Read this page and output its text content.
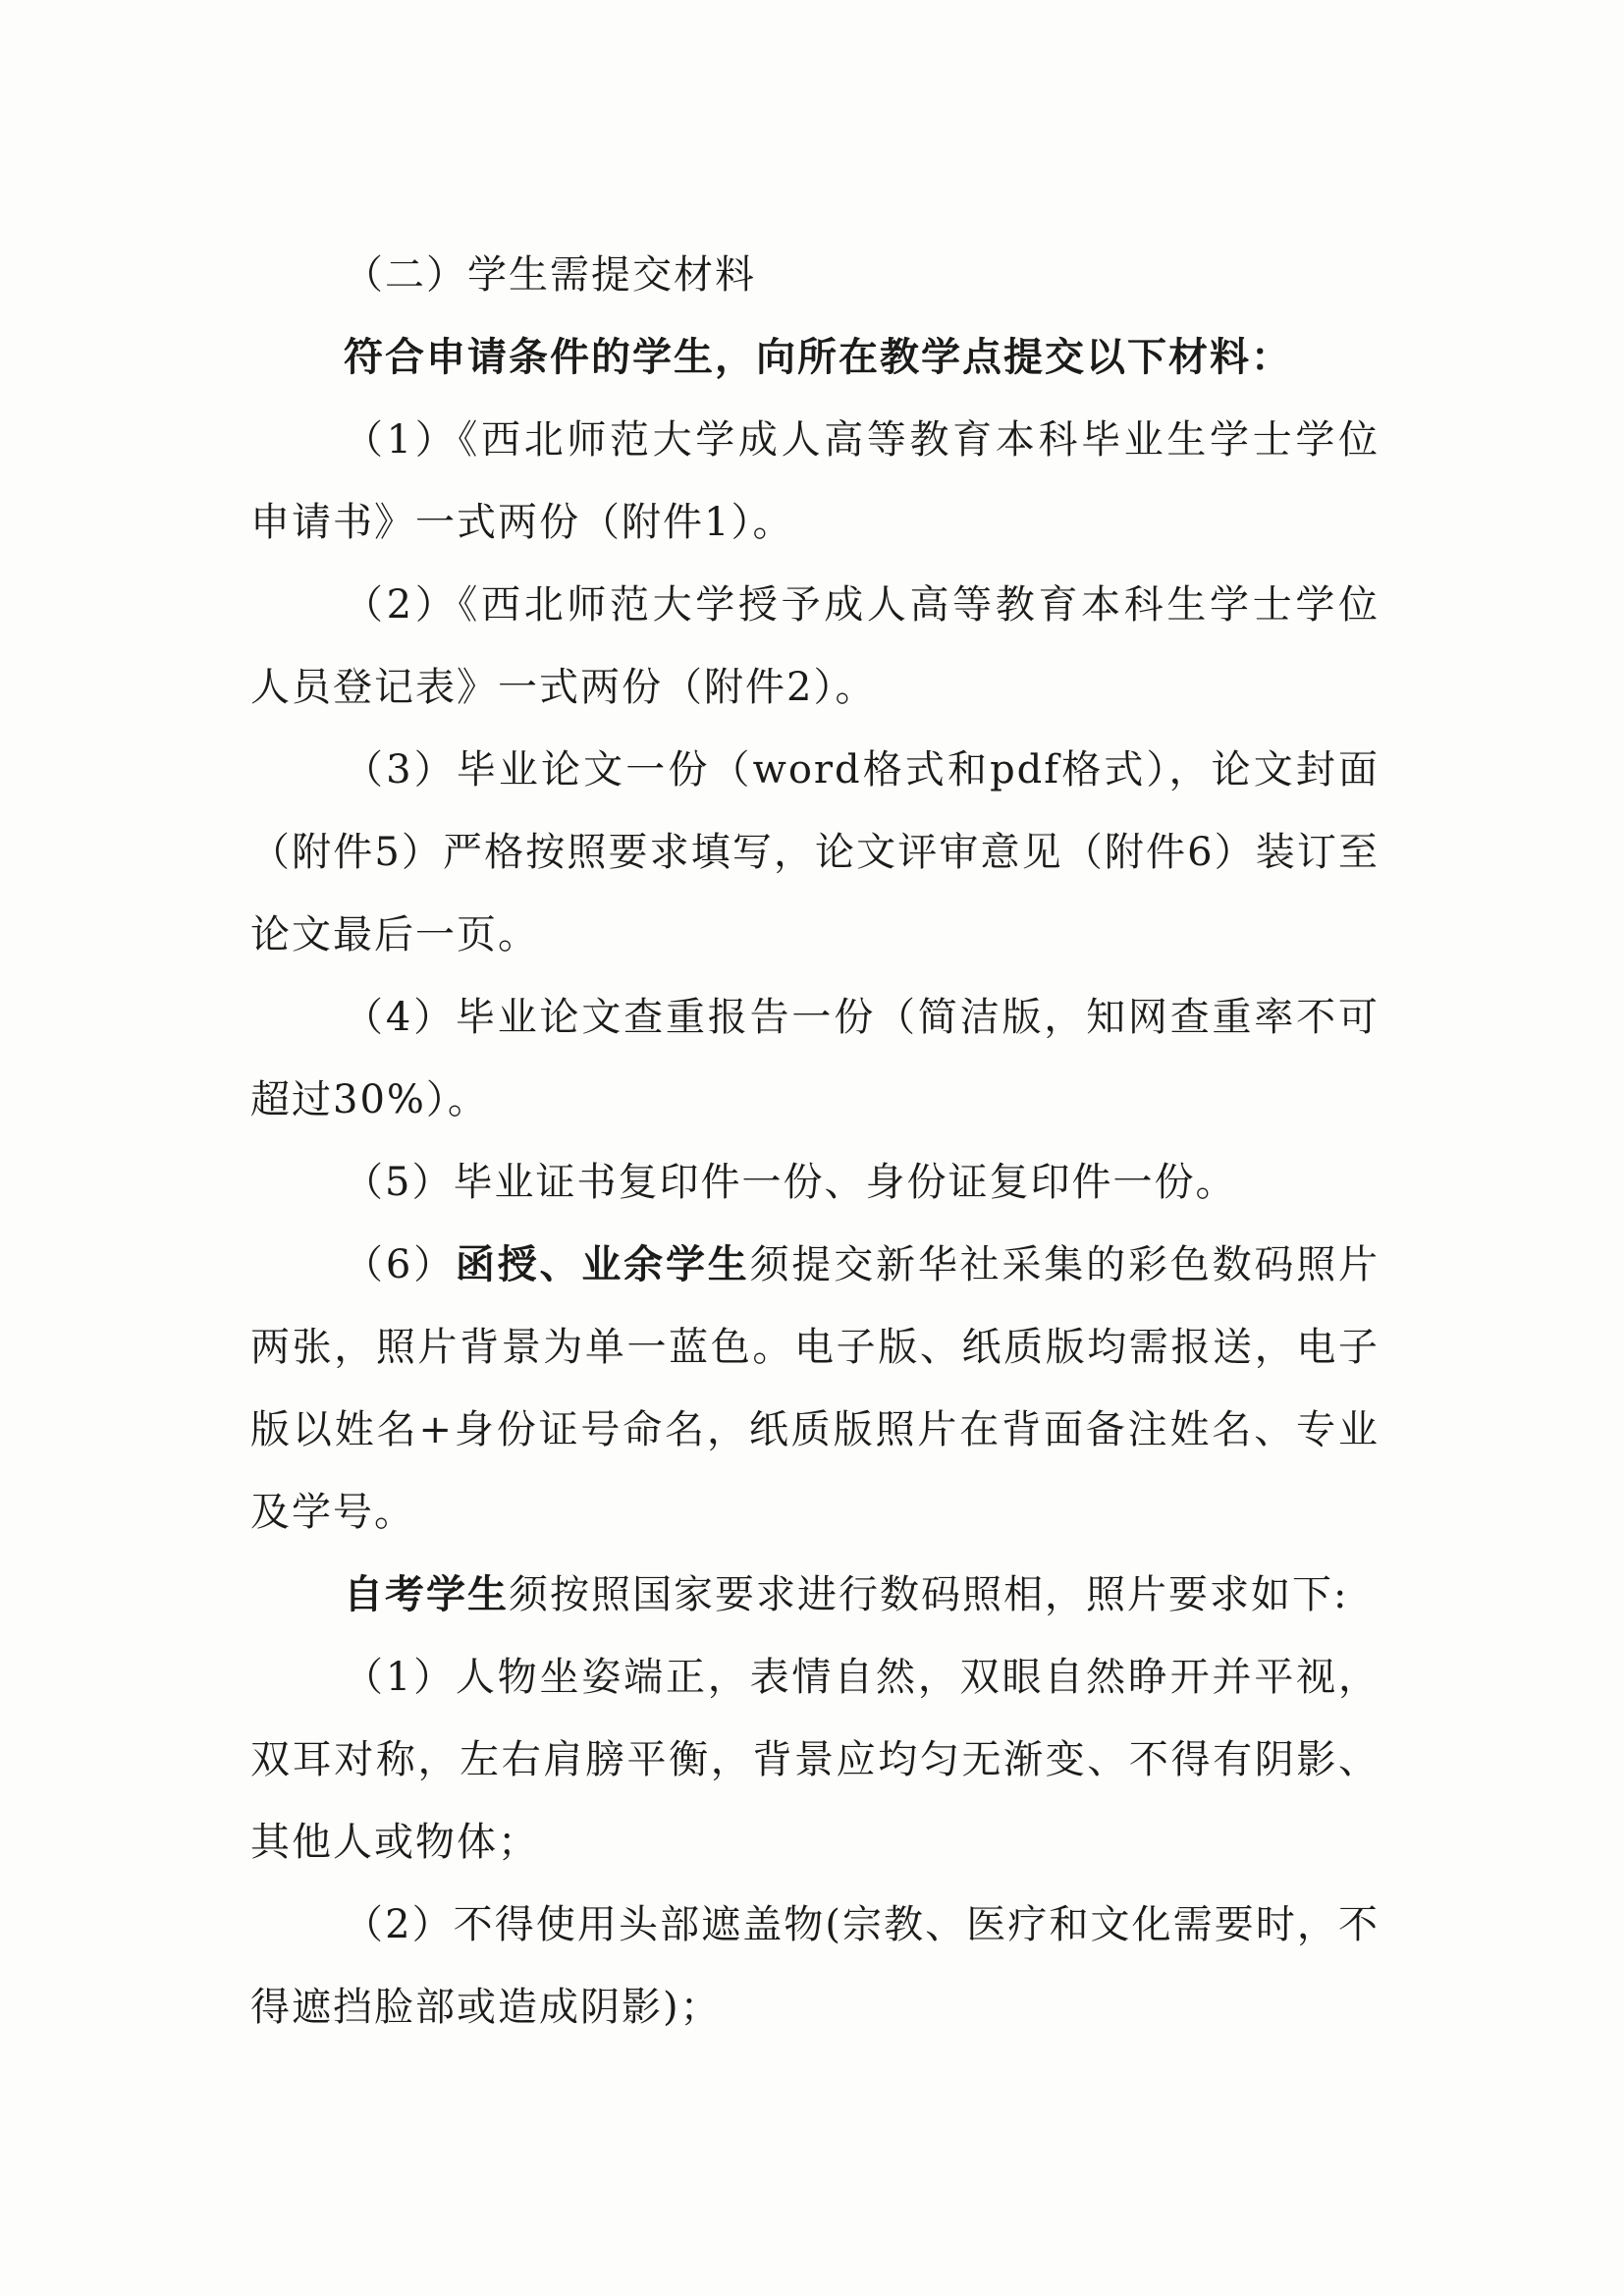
（二）学生需提交材料

符合申请条件的学生，向所在教学点提交以下材料：

（1）《西北师范大学成人高等教育本科毕业生学士学位申请书》一式两份（附件1）。

（2）《西北师范大学授予成人高等教育本科生学士学位人员登记表》一式两份（附件2）。

（3）毕业论文一份（word格式和pdf格式），论文封面（附件5）严格按照要求填写，论文评审意见（附件6）装订至论文最后一页。

（4）毕业论文查重报告一份（简洁版，知网查重率不可超过30%）。

（5）毕业证书复印件一份、身份证复印件一份。

（6）函授、业余学生须提交新华社采集的彩色数码照片两张，照片背景为单一蓝色。电子版、纸质版均需报送，电子版以姓名+身份证号命名，纸质版照片在背面备注姓名、专业及学号。

自考学生须按照国家要求进行数码照相，照片要求如下:

（1）人物坐姿端正，表情自然，双眼自然睁开并平视，双耳对称，左右肩膀平衡，背景应均匀无渐变、不得有阴影、其他人或物体；

（2）不得使用头部遮盖物(宗教、医疗和文化需要时，不得遮挡脸部或造成阴影)；
